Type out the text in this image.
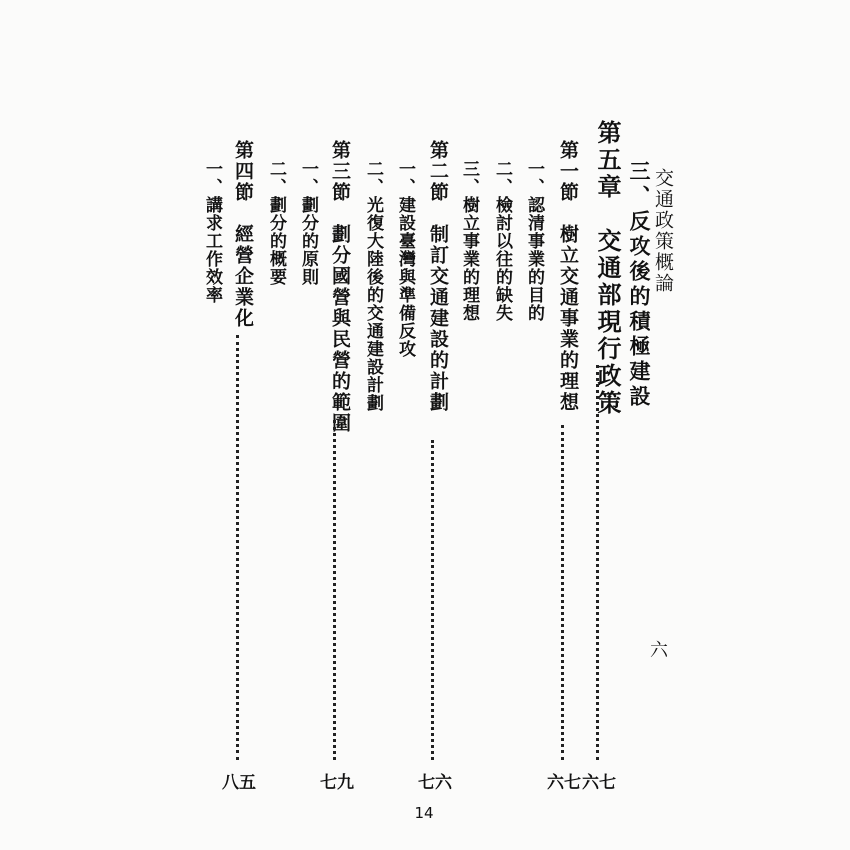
交通政策概論
六
三、反攻後的積極建設
第五章　交通部現行政策
六七
第一節　樹立交通事業的理想
六七
一、認清事業的目的
二、檢討以往的缺失
三、樹立事業的理想
第二節　制訂交通建設的計劃
七六
一、建設臺灣與準備反攻
二、光復大陸後的交通建設計劃
第三節　劃分國營與民營的範圍
七九
一、劃分的原則
二、劃分的概要
第四節　經營企業化
八五
一、講求工作效率
14
